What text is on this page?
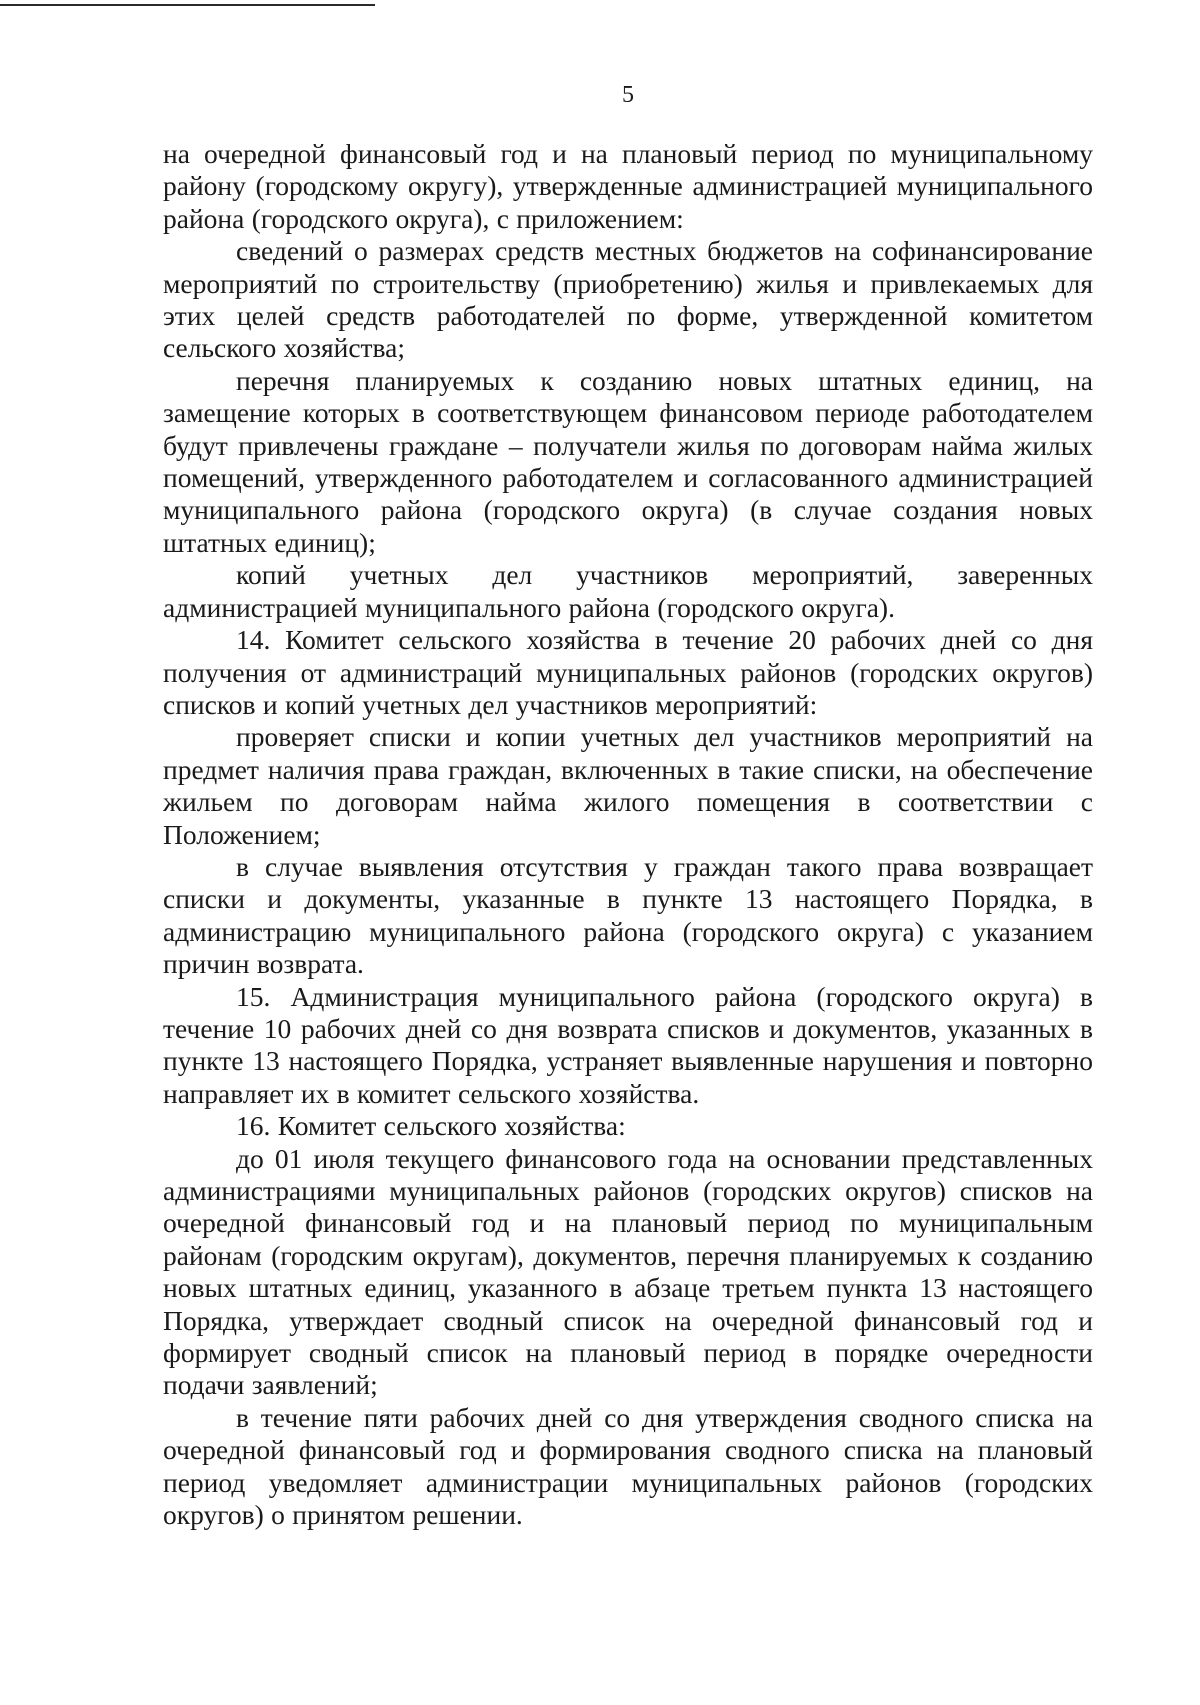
5

на очередной финансовый год и на плановый период по муниципальному району (городскому округу), утвержденные администрацией муниципального района (городского округа), с приложением:

сведений о размерах средств местных бюджетов на софинансирование мероприятий по строительству (приобретению) жилья и привлекаемых для этих целей средств работодателей по форме, утвержденной комитетом сельского хозяйства;

перечня планируемых к созданию новых штатных единиц, на замещение которых в соответствующем финансовом периоде работодателем будут привлечены граждане – получатели жилья по договорам найма жилых помещений, утвержденного работодателем и согласованного администрацией муниципального района (городского округа) (в случае создания новых штатных единиц);

копий учетных дел участников мероприятий, заверенных администрацией муниципального района (городского округа).

14. Комитет сельского хозяйства в течение 20 рабочих дней со дня получения от администраций муниципальных районов (городских округов) списков и копий учетных дел участников мероприятий:

проверяет списки и копии учетных дел участников мероприятий на предмет наличия права граждан, включенных в такие списки, на обеспечение жильем по договорам найма жилого помещения в соответствии с Положением;

в случае выявления отсутствия у граждан такого права возвращает списки и документы, указанные в пункте 13 настоящего Порядка, в администрацию муниципального района (городского округа) с указанием причин возврата.

15. Администрация муниципального района (городского округа) в течение 10 рабочих дней со дня возврата списков и документов, указанных в пункте 13 настоящего Порядка, устраняет выявленные нарушения и повторно направляет их в комитет сельского хозяйства.

16. Комитет сельского хозяйства:

до 01 июля текущего финансового года на основании представленных администрациями муниципальных районов (городских округов) списков на очередной финансовый год и на плановый период по муниципальным районам (городским округам), документов, перечня планируемых к созданию новых штатных единиц, указанного в абзаце третьем пункта 13 настоящего Порядка, утверждает сводный список на очередной финансовый год и формирует сводный список на плановый период в порядке очередности подачи заявлений;

в течение пяти рабочих дней со дня утверждения сводного списка на очередной финансовый год и формирования сводного списка на плановый период уведомляет администрации муниципальных районов (городских округов) о принятом решении.
